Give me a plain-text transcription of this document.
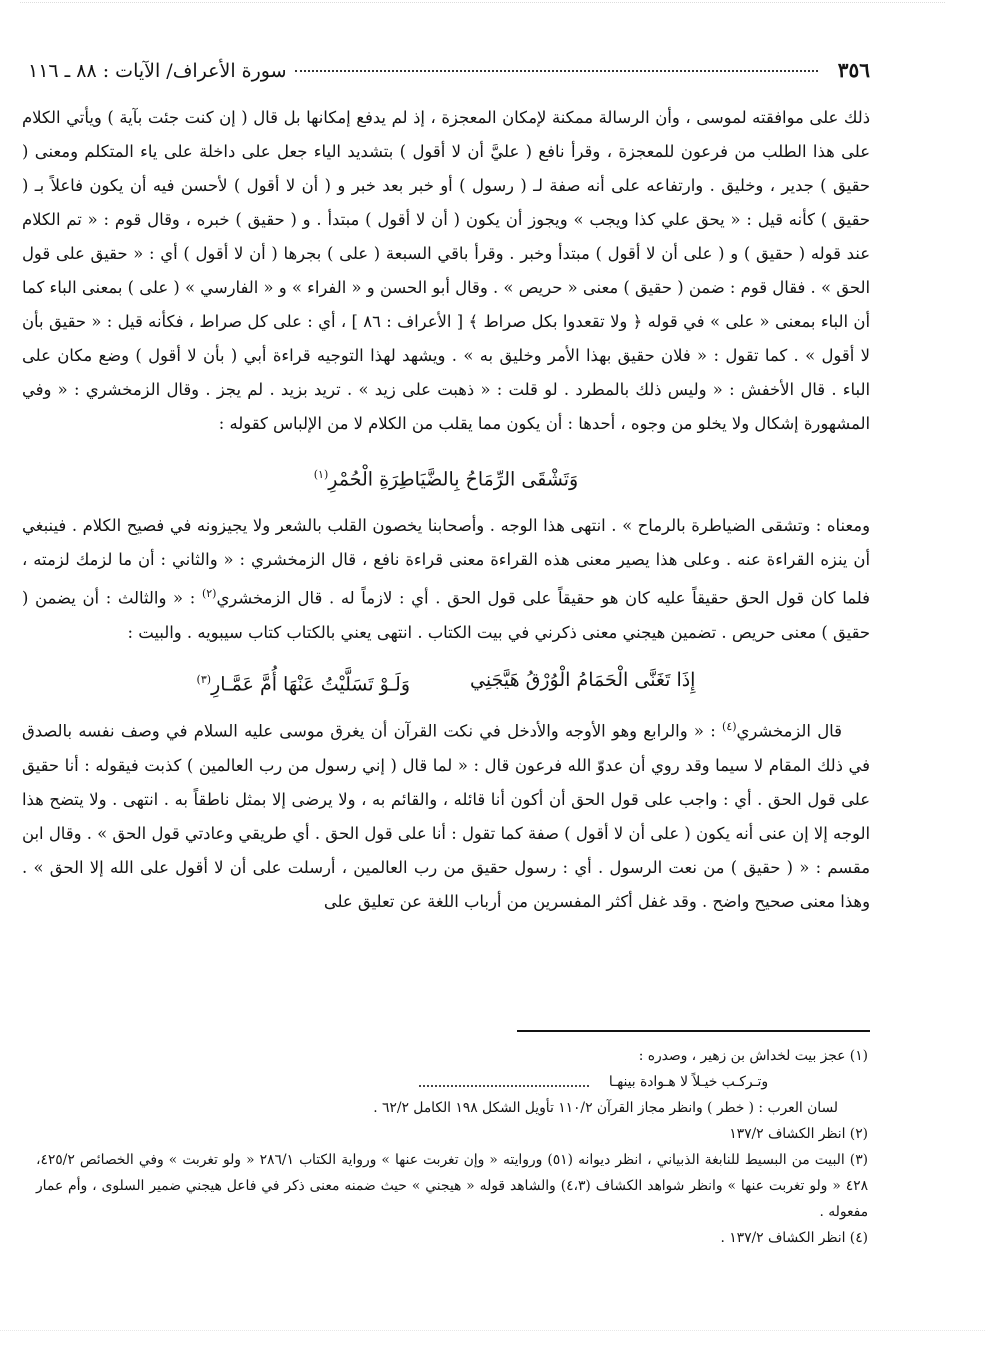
٣٥٦
سورة الأعراف/ الآيات : ٨٨ ـ ١١٦

ذلك على موافقته لموسى ، وأن الرسالة ممكنة لإمكان المعجزة ، إذ لم يدفع إمكانها بل قال ( إن كنت جئت بآية ) ويأتي الكلام على هذا الطلب من فرعون للمعجزة ، وقرأ نافع ( عليَّ أن لا أقول ) بتشديد الياء جعل على داخلة على ياء المتكلم ومعنى ( حقيق ) جدير ، وخليق . وارتفاعه على أنه صفة لـ ( رسول ) أو خبر بعد خبر و ( أن لا أقول ) لأحسن فيه أن يكون فاعلاً بـ ( حقيق ) كأنه قيل : « يحق علي كذا ويجب » ويجوز أن يكون ( أن لا أقول ) مبتدأ . و ( حقيق ) خبره ، وقال قوم : « تم الكلام عند قوله ( حقيق ) و ( على أن لا أقول ) مبتدأ وخبر . وقرأ باقي السبعة ( على ) بجرها ( أن لا أقول ) أي : « حقيق على قول الحق » . فقال قوم : ضمن ( حقيق ) معنى « حريص » . وقال أبو الحسن و « الفراء » و « الفارسي » ( على ) بمعنى الباء كما أن الباء بمعنى « على » في قوله ﴿ ولا تقعدوا بكل صراط ﴾ [ الأعراف : ٨٦ ] ، أي : على كل صراط ، فكأنه قيل : « حقيق بأن لا أقول » . كما تقول : « فلان حقيق بهذا الأمر وخليق به » . ويشهد لهذا التوجيه قراءة أبي ( بأن لا أقول ) وضع مكان على الباء . قال الأخفش : « وليس ذلك بالمطرد . لو قلت : « ذهبت على زيد » . تريد بزيد . لم يجز . وقال الزمخشري : « وفي المشهورة إشكال ولا يخلو من وجوه ، أحدها : أن يكون مما يقلب من الكلام لا من الإلباس كقوله :

وَتَشْقَى الرِّمَاحُ بِالضَّيَاطِرَةِ الْحُمْرِ$^{(١)}$

ومعناه : وتشقى الضياطرة بالرماح » . انتهى هذا الوجه . وأصحابنا يخصون القلب بالشعر ولا يجيزونه في فصيح الكلام . فينبغي أن ينزه القراءة عنه . وعلى هذا يصير معنى هذه القراءة معنى قراءة نافع ، قال الزمخشري : « والثاني : أن ما لزمك لزمته ، فلما كان قول الحق حقيقاً عليه كان هو حقيقاً على قول الحق . أي : لازماً له . قال الزمخشري$^{(٢)}$ : « والثالث : أن يضمن ( حقيق ) معنى حريص . تضمين هيجني معنى ذكرني في بيت الكتاب . انتهى يعني بالكتاب كتاب سيبويه . والبيت :

إِذَا تَغَنَّى الْحَمَامُ الْوُرْقُ هَيَّجَنِي
وَلَـوْ تَسَلَّيْتُ عَنْهَا أُمَّ عَمَّـارِ$^{(٣)}$

قال الزمخشري$^{(٤)}$ : « والرابع وهو الأوجه والأدخل في نكت القرآن أن يغرق موسى عليه السلام في وصف نفسه بالصدق في ذلك المقام لا سيما وقد روي أن عدوّ الله فرعون قال : « لما قال ( إني رسول من رب العالمين ) كذبت فيقوله : أنا حقيق على قول الحق . أي : واجب على قول الحق أن أكون أنا قائله ، والقائم به ، ولا يرضى إلا بمثل ناطقاً به . انتهى . ولا يتضح هذا الوجه إلا إن عنى أنه يكون ( على أن لا أقول ) صفة كما تقول : أنا على قول الحق . أي طريقي وعادتي قول الحق » . وقال ابن مقسم : « ( حقيق ) من نعت الرسول . أي : رسول حقيق من رب العالمين ، أرسلت على أن لا أقول على الله إلا الحق » . وهذا معنى صحيح واضح . وقد غفل أكثر المفسرين من أرباب اللغة عن تعليق على

(١) عجز بيت لخداش بن زهير ، وصدره :

وتـركـب خيـلاً لا هـوادة بينهـا

لسان العرب : ( خطر ) وانظر مجاز القرآن ١١٠/٢ تأويل الشكل ١٩٨ الكامل ٦٢/٢ .

(٢) انظر الكشاف ١٣٧/٢

(٣) البيت من البسيط للنابغة الذبياني ، انظر ديوانه (٥١) وروايته « وإن تغربت عنها » ورواية الكتاب ٢٨٦/١ « ولو تغربت » وفي الخصائص ٤٢٥/٢، ٤٢٨ « ولو تغربت عنها » وانظر شواهد الكشاف (٤،٣) والشاهد قوله « هيجني » حيث ضمنه معنى ذكر في فاعل هيجني ضمير السلوى ، وأم عمار مفعوله .

(٤) انظر الكشاف ١٣٧/٢ .
